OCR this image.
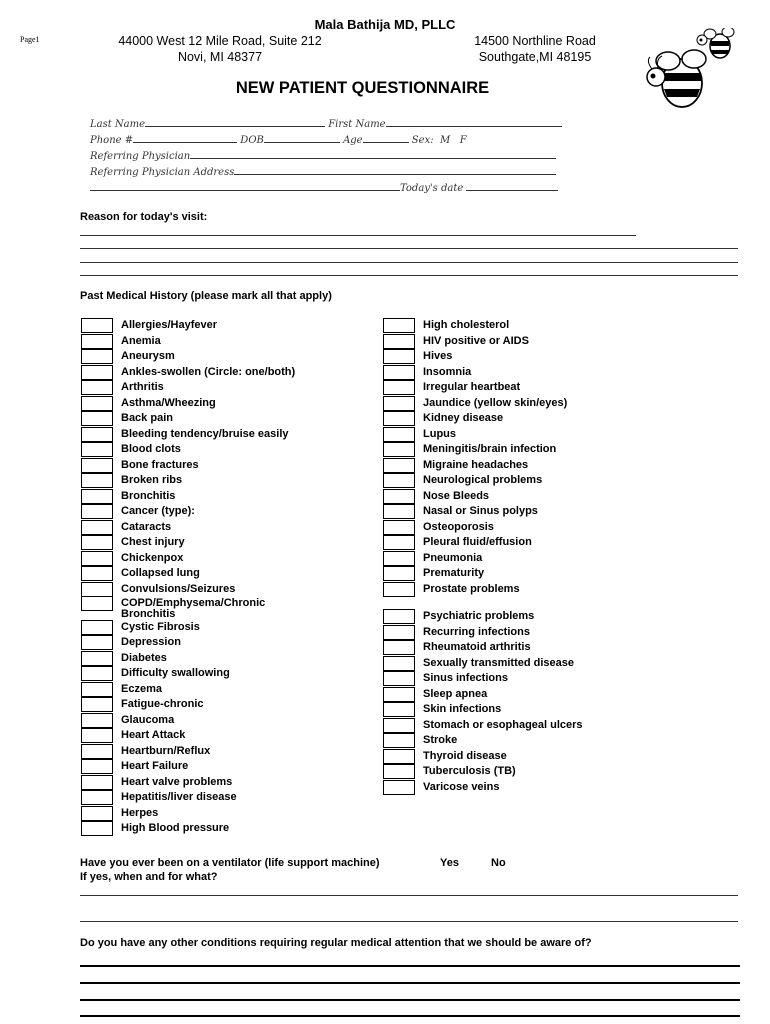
Page1
Mala Bathija MD, PLLC
44000 West 12 Mile Road, Suite 212
Novi, MI 48377
14500 Northline Road
Southgate,MI 48195
NEW PATIENT QUESTIONNAIRE
Last Name	First Name
Phone #	DOB	Age	Sex: M F
Referring Physician
Referring Physician Address
Today's date
Reason for today's visit:
Past Medical History (please mark all that apply)
Allergies/Hayfever
Anemia
Aneurysm
Ankles-swollen (Circle: one/both)
Arthritis
Asthma/Wheezing
Back pain
Bleeding tendency/bruise easily
Blood clots
Bone fractures
Broken ribs
Bronchitis
Cancer (type):
Cataracts
Chest injury
Chickenpox
Collapsed lung
Convulsions/Seizures
COPD/Emphysema/Chronic
Bronchitis
Cystic Fibrosis
Depression
Diabetes
Difficulty swallowing
Eczema
Fatigue-chronic
Glaucoma
Heart Attack
Heartburn/Reflux
Heart Failure
Heart valve problems
Hepatitis/liver disease
Herpes
High Blood pressure
High cholesterol
HIV positive or AIDS
Hives
Insomnia
Irregular heartbeat
Jaundice (yellow skin/eyes)
Kidney disease
Lupus
Meningitis/brain infection
Migraine headaches
Neurological problems
Nose Bleeds
Nasal or Sinus polyps
Osteoporosis
Pleural fluid/effusion
Pneumonia
Prematurity
Prostate problems
Psychiatric problems
Recurring infections
Rheumatoid arthritis
Sexually transmitted disease
Sinus infections
Sleep apnea
Skin infections
Stomach or esophageal ulcers
Stroke
Thyroid disease
Tuberculosis (TB)
Varicose veins
Have you ever been on a ventilator (life support machine)	Yes	No
If yes, when and for what?
Do you have any other conditions requiring regular medical attention that we should be aware of?
